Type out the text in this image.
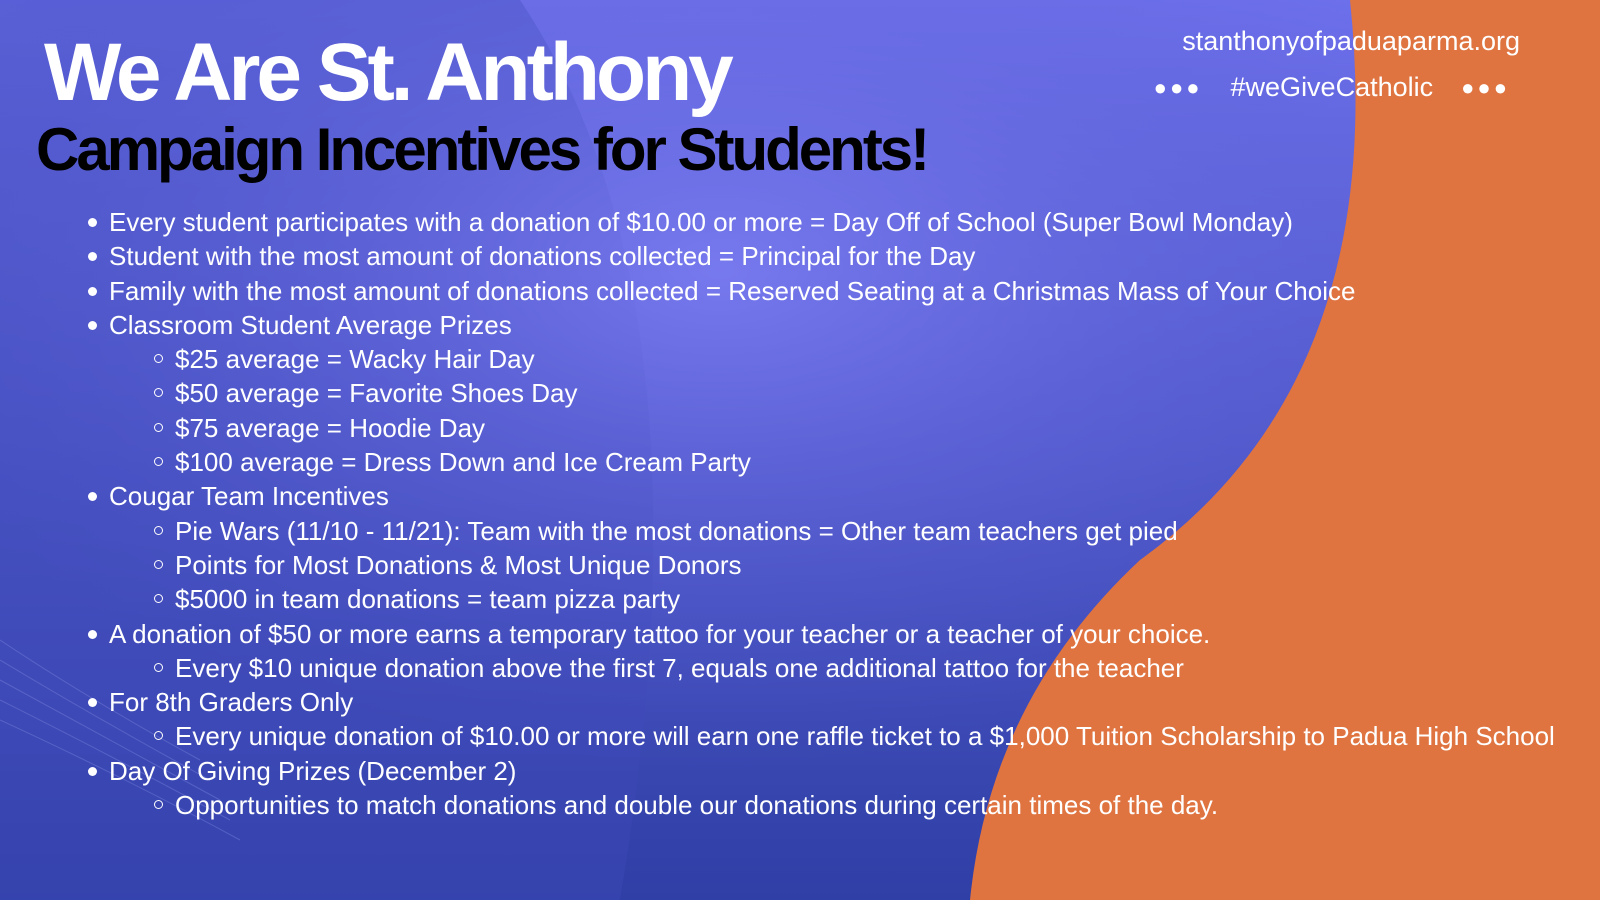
We Are St. Anthony
Campaign Incentives for Students!
stanthonyofpaduaparma.org
●●● #weGiveCatholic ●●●
Every student participates with a donation of $10.00 or more = Day Off of School (Super Bowl Monday)
Student with the most amount of donations collected = Principal for the Day
Family with the most amount of donations collected = Reserved Seating at a Christmas Mass of Your Choice
Classroom Student Average Prizes
$25 average = Wacky Hair Day
$50 average = Favorite Shoes Day
$75 average = Hoodie Day
$100 average = Dress Down and Ice Cream Party
Cougar Team Incentives
Pie Wars (11/10 - 11/21): Team with the most donations = Other team teachers get pied
Points for Most Donations & Most Unique Donors
$5000 in team donations = team pizza party
A donation of $50 or more earns a temporary tattoo for your teacher or a teacher of your choice.
Every $10 unique donation above the first 7, equals one additional tattoo for the teacher
For 8th Graders Only
Every unique donation of $10.00 or more will earn one raffle ticket to a $1,000 Tuition Scholarship to Padua High School
Day Of Giving Prizes (December 2)
Opportunities to match donations and double our donations during certain times of the day.
